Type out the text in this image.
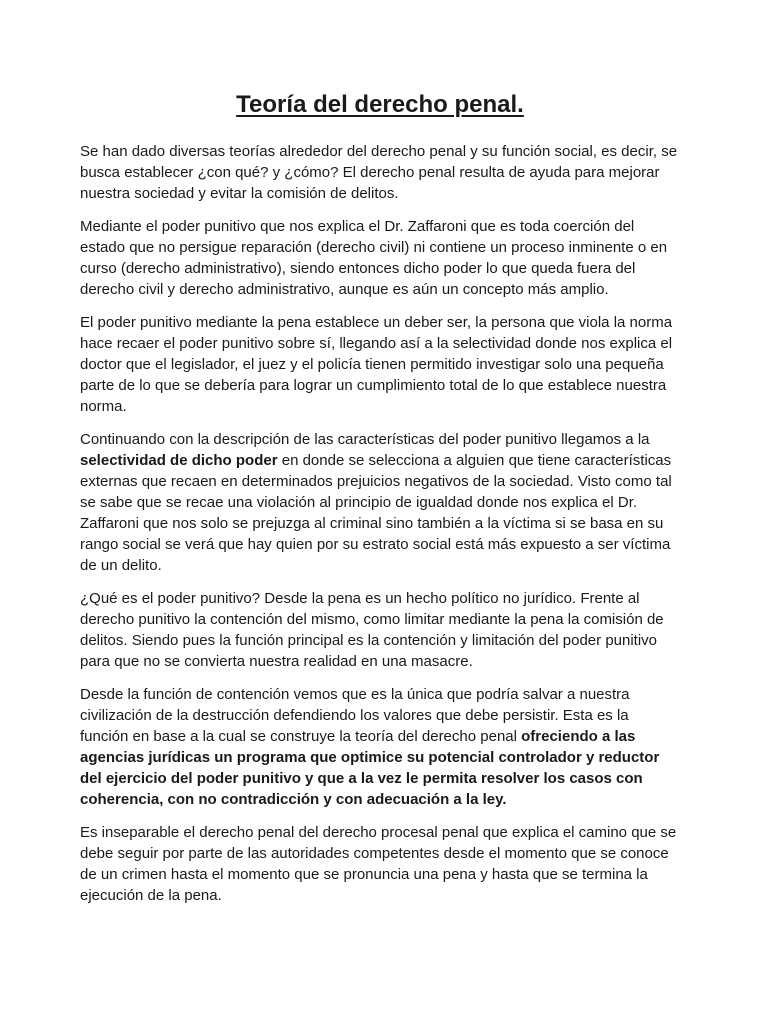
Teoría del derecho penal.

Se han dado diversas teorías alrededor del derecho penal y su función social, es decir, se busca establecer ¿con qué? y ¿cómo? El derecho penal resulta de ayuda para mejorar nuestra sociedad y evitar la comisión de delitos.

Mediante el poder punitivo que nos explica el Dr. Zaffaroni que es toda coerción del estado que no persigue reparación (derecho civil) ni contiene un proceso inminente o en curso (derecho administrativo), siendo entonces dicho poder lo que queda fuera del derecho civil y derecho administrativo, aunque es aún un concepto más amplio.

El poder punitivo mediante la pena establece un deber ser, la persona que viola la norma hace recaer el poder punitivo sobre sí, llegando así a la selectividad donde nos explica el doctor que el legislador, el juez y el policía tienen permitido investigar solo una pequeña parte de lo que se debería para lograr un cumplimiento total de lo que establece nuestra norma.

Continuando con la descripción de las características del poder punitivo llegamos a la selectividad de dicho poder en donde se selecciona a alguien que tiene características externas que recaen en determinados prejuicios negativos de la sociedad. Visto como tal se sabe que se recae una violación al principio de igualdad donde nos explica el Dr. Zaffaroni que nos solo se prejuzga al criminal sino también a la víctima si se basa en su rango social se verá que hay quien por su estrato social está más expuesto a ser víctima de un delito.

¿Qué es el poder punitivo? Desde la pena es un hecho político no jurídico. Frente al derecho punitivo la contención del mismo, como limitar mediante la pena la comisión de delitos. Siendo pues la función principal es la contención y limitación del poder punitivo para que no se convierta nuestra realidad en una masacre.

Desde la función de contención vemos que es la única que podría salvar a nuestra civilización de la destrucción defendiendo los valores que debe persistir. Esta es la función en base a la cual se construye la teoría del derecho penal ofreciendo a las agencias jurídicas un programa que optimice su potencial controlador y reductor del ejercicio del poder punitivo y que a la vez le permita resolver los casos con coherencia, con no contradicción y con adecuación a la ley.

Es inseparable el derecho penal del derecho procesal penal que explica el camino que se debe seguir por parte de las autoridades competentes desde el momento que se conoce de un crimen hasta el momento que se pronuncia una pena y hasta que se termina la ejecución de la pena.
